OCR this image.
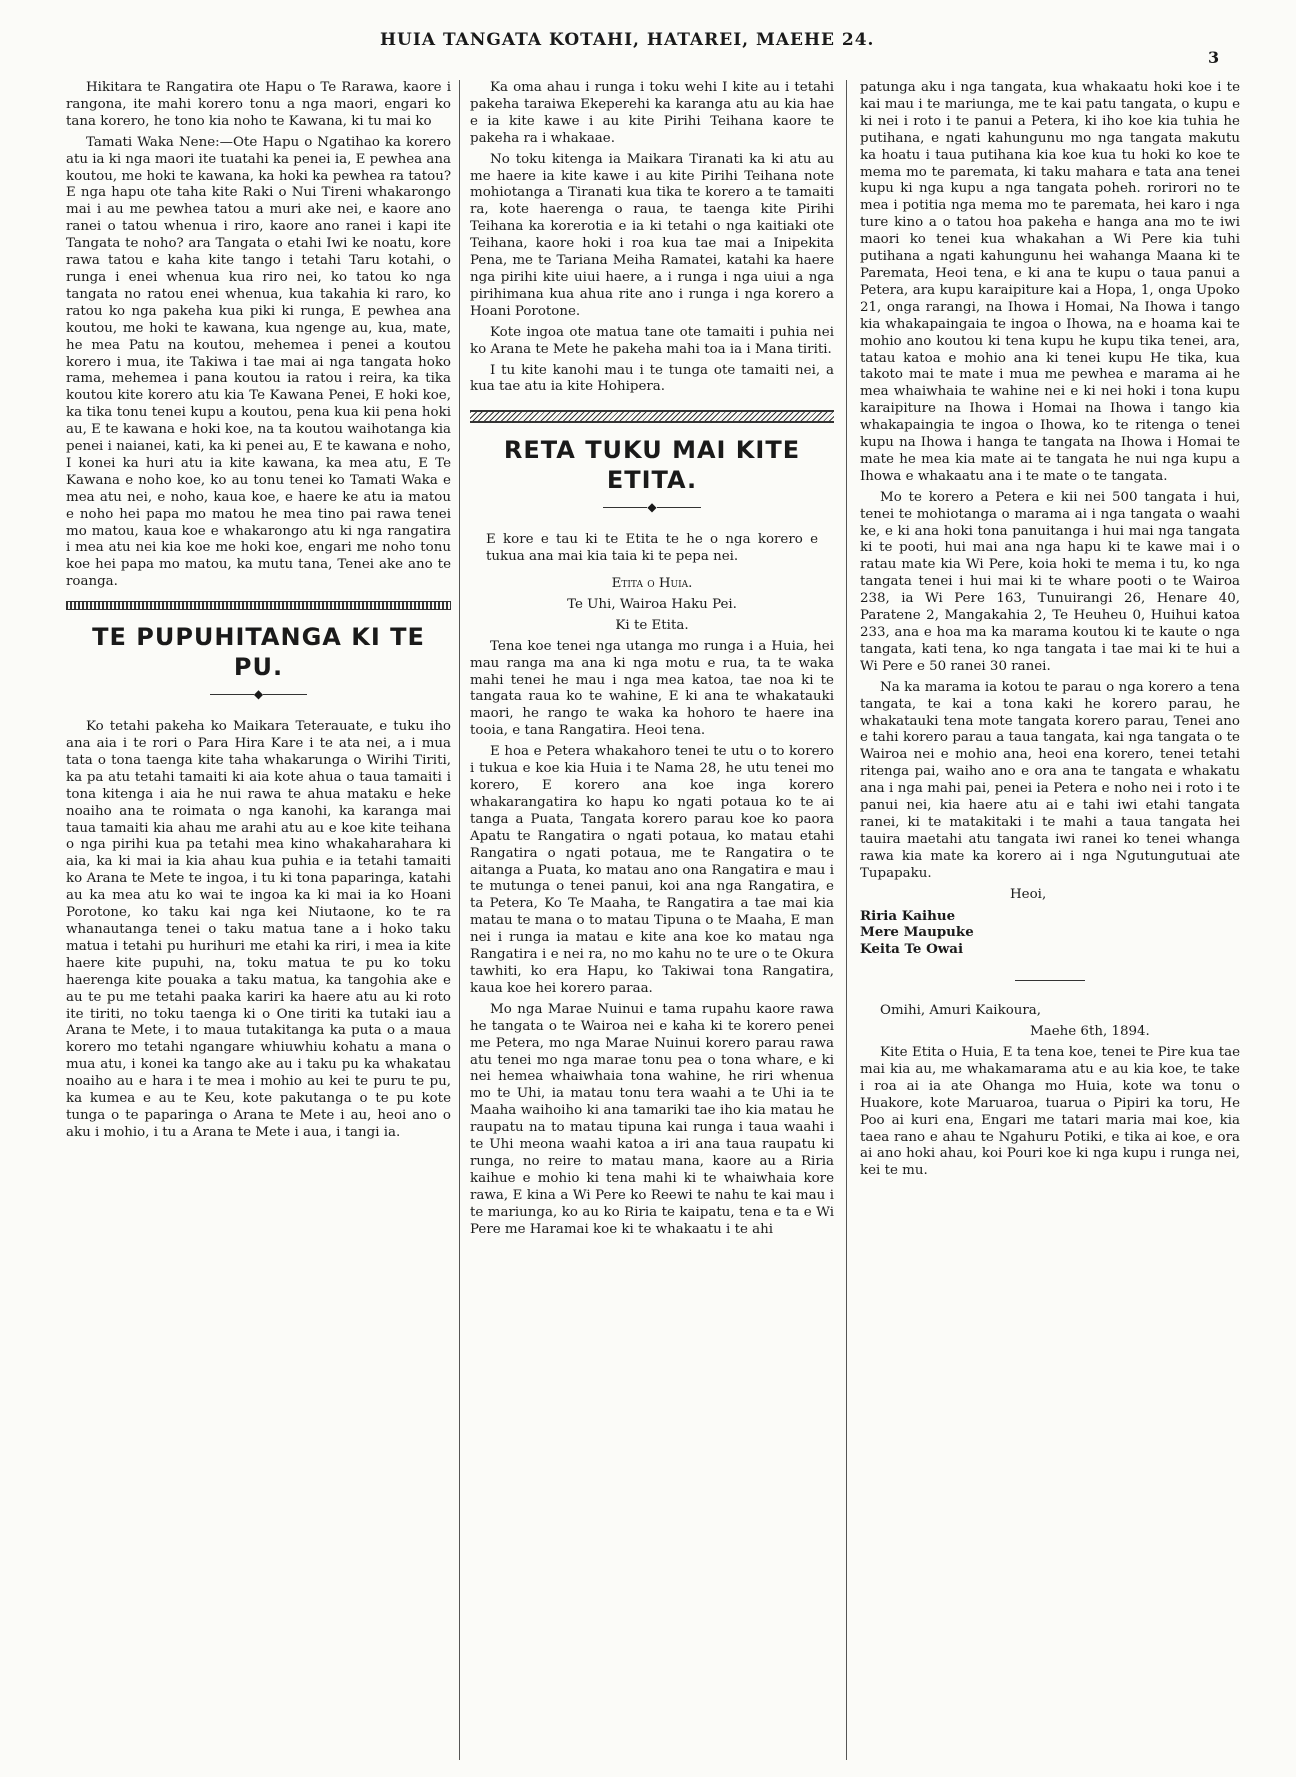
HUIA TANGATA KOTAHI, HATAREI, MAEHE 24.
3

Hikitara te Rangatira ote Hapu o Te Rarawa, kaore i rangona, ite mahi korero tonu a nga maori, engari ko tana korero, he tono kia noho te Kawana, ki tu mai ko

Tamati Waka Nene:—Ote Hapu o Ngatihao ka korero atu ia ki nga maori ite tuatahi ka penei ia, E pewhea ana koutou, me hoki te kawana, ka hoki ka pewhea ra tatou? E nga hapu ote taha kite Raki o Nui Tireni whakarongo mai i au me pewhea tatou a muri ake nei, e kaore ano ranei o tatou whenua i riro, kaore ano ranei i kapi ite Tangata te noho? ara Tangata o etahi Iwi ke noatu, kore rawa tatou e kaha kite tango i tetahi Taru kotahi, o runga i enei whenua kua riro nei, ko tatou ko nga tangata no ratou enei whenua, kua takahia ki raro, ko ratou ko nga pakeha kua piki ki runga, E pewhea ana koutou, me hoki te kawana, kua ngenge au, kua, mate, he mea Patu na koutou, mehemea i penei a koutou korero i mua, ite Takiwa i tae mai ai nga tangata hoko rama, mehemea i pana koutou ia ratou i reira, ka tika koutou kite korero atu kia Te Kawana Penei, E hoki koe, ka tika tonu tenei kupu a koutou, pena kua kii pena hoki au, E te kawana e hoki koe, na ta koutou waihotanga kia penei i naianei, kati, ka ki penei au, E te kawana e noho, I konei ka huri atu ia kite kawana, ka mea atu, E Te Kawana e noho koe, ko au tonu tenei ko Tamati Waka e mea atu nei, e noho, kaua koe, e haere ke atu ia matou e noho hei papa mo matou he mea tino pai rawa tenei mo matou, kaua koe e whakarongo atu ki nga rangatira i mea atu nei kia koe me hoki koe, engari me noho tonu koe hei papa mo matou, ka mutu tana, Tenei ake ano te roanga.

TE PUPUHITANGA KI TE PU.
◆

Ko tetahi pakeha ko Maikara Teterauate, e tuku iho ana aia i te rori o Para Hira Kare i te ata nei, a i mua tata o tona taenga kite taha whakarunga o Wirihi Tiriti, ka pa atu tetahi tamaiti ki aia kote ahua o taua tamaiti i tona kitenga i aia he nui rawa te ahua mataku e heke noaiho ana te roimata o nga kanohi, ka karanga mai taua tamaiti kia ahau me arahi atu au e koe kite teihana o nga pirihi kua pa tetahi mea kino whakaharahara ki aia, ka ki mai ia kia ahau kua puhia e ia tetahi tamaiti ko Arana te Mete te ingoa, i tu ki tona paparinga, katahi au ka mea atu ko wai te ingoa ka ki mai ia ko Hoani Porotone, ko taku kai nga kei Niutaone, ko te ra whanautanga tenei o taku matua tane a i hoko taku matua i tetahi pu hurihuri me etahi ka riri, i mea ia kite haere kite pupuhi, na, toku matua te pu ko toku haerenga kite pouaka a taku matua, ka tangohia ake e au te pu me tetahi paaka kariri ka haere atu au ki roto ite tiriti, no toku taenga ki o One tiriti ka tutaki iau a Arana te Mete, i to maua tutakitanga ka puta o a maua korero mo tetahi ngangare whiuwhiu kohatu a mana o mua atu, i konei ka tango ake au i taku pu ka whakatau noaiho au e hara i te mea i mohio au kei te puru te pu, ka kumea e au te Keu, kote pakutanga o te pu kote tunga o te paparinga o Arana te Mete i au, heoi ano o aku i mohio, i tu a Arana te Mete i aua, i tangi ia.

Ka oma ahau i runga i toku wehi I kite au i tetahi pakeha taraiwa Ekeperehi ka karanga atu au kia hae e ia kite kawe i au kite Pirihi Teihana kaore te pakeha ra i whakaae.

No toku kitenga ia Maikara Tiranati ka ki atu au me haere ia kite kawe i au kite Pirihi Teihana note mohiotanga a Tiranati kua tika te korero a te tamaiti ra, kote haerenga o raua, te taenga kite Pirihi Teihana ka korerotia e ia ki tetahi o nga kaitiaki ote Teihana, kaore hoki i roa kua tae mai a Inipekita Pena, me te Tariana Meiha Ramatei, katahi ka haere nga pirihi kite uiui haere, a i runga i nga uiui a nga pirihimana kua ahua rite ano i runga i nga korero a Hoani Porotone.

Kote ingoa ote matua tane ote tamaiti i puhia nei ko Arana te Mete he pakeha mahi toa ia i Mana tiriti.

I tu kite kanohi mau i te tunga ote tamaiti nei, a kua tae atu ia kite Hohipera.

RETA TUKU MAI KITE ETITA.
◆

E kore e tau ki te Etita te he o nga korero e tukua ana mai kia taia ki te pepa nei.

Etita o Huia.

Te Uhi, Wairoa Haku Pei.

Ki te Etita.

Tena koe tenei nga utanga mo runga i a Huia, hei mau ranga ma ana ki nga motu e rua, ta te waka mahi tenei he mau i nga mea katoa, tae noa ki te tangata raua ko te wahine, E ki ana te whakatauki maori, he rango te waka ka hohoro te haere ina tooia, e tana Rangatira. Heoi tena.

E hoa e Petera whakahoro tenei te utu o to korero i tukua e koe kia Huia i te Nama 28, he utu tenei mo korero, E korero ana koe inga korero whakarangatira ko hapu ko ngati potaua ko te ai tanga a Puata, Tangata korero parau koe ko paora Apatu te Rangatira o ngati potaua, ko matau etahi Rangatira o ngati potaua, me te Rangatira o te aitanga a Puata, ko matau ano ona Rangatira e mau i te mutunga o tenei panui, koi ana nga Rangatira, e ta Petera, Ko Te Maaha, te Rangatira a tae mai kia matau te mana o to matau Tipuna o te Maaha, E man nei i runga ia matau e kite ana koe ko matau nga Rangatira i e nei ra, no mo kahu no te ure o te Okura tawhiti, ko era Hapu, ko Takiwai tona Rangatira, kaua koe hei korero paraa.

Mo nga Marae Nuinui e tama rupahu kaore rawa he tangata o te Wairoa nei e kaha ki te korero penei me Petera, mo nga Marae Nuinui korero parau rawa atu tenei mo nga marae tonu pea o tona whare, e ki nei hemea whaiwhaia tona wahine, he riri whenua mo te Uhi, ia matau tonu tera waahi a te Uhi ia te Maaha waihoiho ki ana tamariki tae iho kia matau he raupatu na to matau tipuna kai runga i taua waahi i te Uhi meona waahi katoa a iri ana taua raupatu ki runga, no reire to matau mana, kaore au a Riria kaihue e mohio ki tena mahi ki te whaiwhaia kore rawa, E kina a Wi Pere ko Reewi te nahu te kai mau i te mariunga, ko au ko Riria te kaipatu, tena e ta e Wi Pere me Haramai koe ki te whakaatu i te ahi

patunga aku i nga tangata, kua whakaatu hoki koe i te kai mau i te mariunga, me te kai patu tangata, o kupu e ki nei i roto i te panui a Petera, ki iho koe kia tuhia he putihana, e ngati kahungunu mo nga tangata makutu ka hoatu i taua putihana kia koe kua tu hoki ko koe te mema mo te paremata, ki taku mahara e tata ana tenei kupu ki nga kupu a nga tangata poheh. rorirori no te mea i potitia nga mema mo te paremata, hei karo i nga ture kino a o tatou hoa pakeha e hanga ana mo te iwi maori ko tenei kua whakahan a Wi Pere kia tuhi putihana a ngati kahungunu hei wahanga Maana ki te Paremata, Heoi tena, e ki ana te kupu o taua panui a Petera, ara kupu karaipiture kai a Hopa, 1, onga Upoko 21, onga rarangi, na Ihowa i Homai, Na Ihowa i tango kia whakapaingaia te ingoa o Ihowa, na e hoama kai te mohio ano koutou ki tena kupu he kupu tika tenei, ara, tatau katoa e mohio ana ki tenei kupu He tika, kua takoto mai te mate i mua me pewhea e marama ai he mea whaiwhaia te wahine nei e ki nei hoki i tona kupu karaipiture na Ihowa i Homai na Ihowa i tango kia whakapaingia te ingoa o Ihowa, ko te ritenga o tenei kupu na Ihowa i hanga te tangata na Ihowa i Homai te mate he mea kia mate ai te tangata he nui nga kupu a Ihowa e whakaatu ana i te mate o te tangata.

Mo te korero a Petera e kii nei 500 tangata i hui, tenei te mohiotanga o marama ai i nga tangata o waahi ke, e ki ana hoki tona panuitanga i hui mai nga tangata ki te pooti, hui mai ana nga hapu ki te kawe mai i o ratau mate kia Wi Pere, koia hoki te mema i tu, ko nga tangata tenei i hui mai ki te whare pooti o te Wairoa 238, ia Wi Pere 163, Tunuirangi 26, Henare 40, Paratene 2, Mangakahia 2, Te Heuheu 0, Huihui katoa 233, ana e hoa ma ka marama koutou ki te kaute o nga tangata, kati tena, ko nga tangata i tae mai ki te hui a Wi Pere e 50 ranei 30 ranei.

Na ka marama ia kotou te parau o nga korero a tena tangata, te kai a tona kaki he korero parau, he whakatauki tena mote tangata korero parau, Tenei ano e tahi korero parau a taua tangata, kai nga tangata o te Wairoa nei e mohio ana, heoi ena korero, tenei tetahi ritenga pai, waiho ano e ora ana te tangata e whakatu ana i nga mahi pai, penei ia Petera e noho nei i roto i te panui nei, kia haere atu ai e tahi iwi etahi tangata ranei, ki te matakitaki i te mahi a taua tangata hei tauira maetahi atu tangata iwi ranei ko tenei whanga rawa kia mate ka korero ai i nga Ngutungutuai ate Tupapaku.

Heoi,

Riria Kaihue

Mere Maupuke

Keita Te Owai

Omihi, Amuri Kaikoura,

Maehe 6th, 1894.

Kite Etita o Huia, E ta tena koe, tenei te Pire kua tae mai kia au, me whakamarama atu e au kia koe, te take i roa ai ia ate Ohanga mo Huia, kote wa tonu o Huakore, kote Maruaroa, tuarua o Pipiri ka toru, He Poo ai kuri ena, Engari me tatari maria mai koe, kia taea rano e ahau te Ngahuru Potiki, e tika ai koe, e ora ai ano hoki ahau, koi Pouri koe ki nga kupu i runga nei, kei te mu.
